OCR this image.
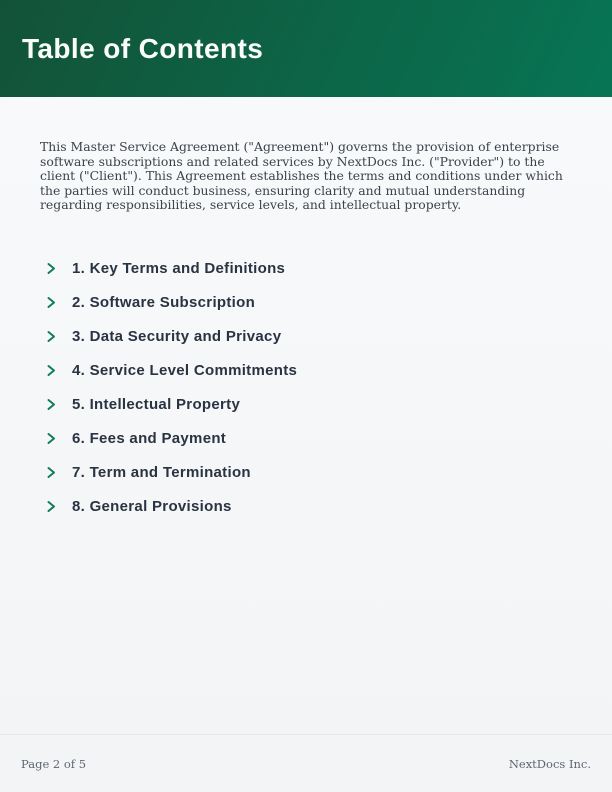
Table of Contents

This Master Service Agreement ("Agreement") governs the provision of enterprise software subscriptions and related services by NextDocs Inc. ("Provider") to the client ("Client"). This Agreement establishes the terms and conditions under which the parties will conduct business, ensuring clarity and mutual understanding regarding responsibilities, service levels, and intellectual property.

1. Key Terms and Definitions
2. Software Subscription
3. Data Security and Privacy
4. Service Level Commitments
5. Intellectual Property
6. Fees and Payment
7. Term and Termination
8. General Provisions
Page 2 of 5	NextDocs Inc.
